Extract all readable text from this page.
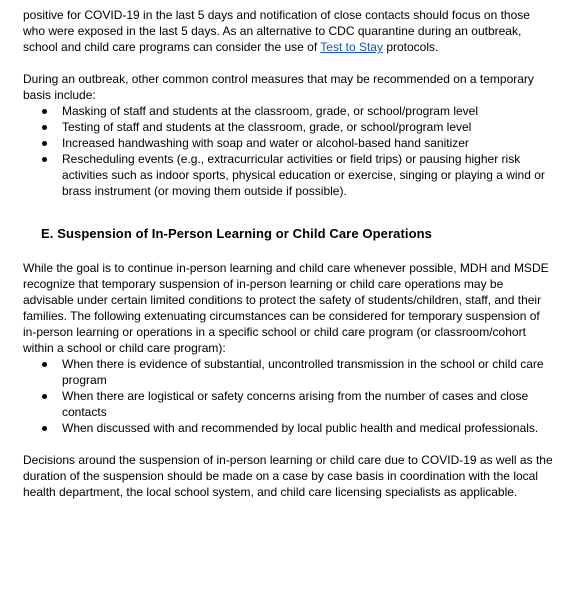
positive for COVID-19 in the last 5 days and notification of close contacts should focus on those who were exposed in the last 5 days. As an alternative to CDC quarantine during an outbreak, school and child care programs can consider the use of Test to Stay protocols.

During an outbreak, other common control measures that may be recommended on a temporary basis include:

Masking of staff and students at the classroom, grade, or school/program level
Testing of staff and students at the classroom, grade, or school/program level
Increased handwashing with soap and water or alcohol-based hand sanitizer
Rescheduling events (e.g., extracurricular activities or field trips) or pausing higher risk activities such as indoor sports, physical education or exercise, singing or playing a wind or brass instrument (or moving them outside if possible).
E. Suspension of In-Person Learning or Child Care Operations

While the goal is to continue in-person learning and child care whenever possible, MDH and MSDE recognize that temporary suspension of in-person learning or child care operations may be advisable under certain limited conditions to protect the safety of students/children, staff, and their families. The following extenuating circumstances can be considered for temporary suspension of in-person learning or operations in a specific school or child care program (or classroom/cohort within a school or child care program):

When there is evidence of substantial, uncontrolled transmission in the school or child care program
When there are logistical or safety concerns arising from the number of cases and close contacts
When discussed with and recommended by local public health and medical professionals.

Decisions around the suspension of in-person learning or child care due to COVID-19 as well as the duration of the suspension should be made on a case by case basis in coordination with the local health department, the local school system, and child care licensing specialists as applicable.
